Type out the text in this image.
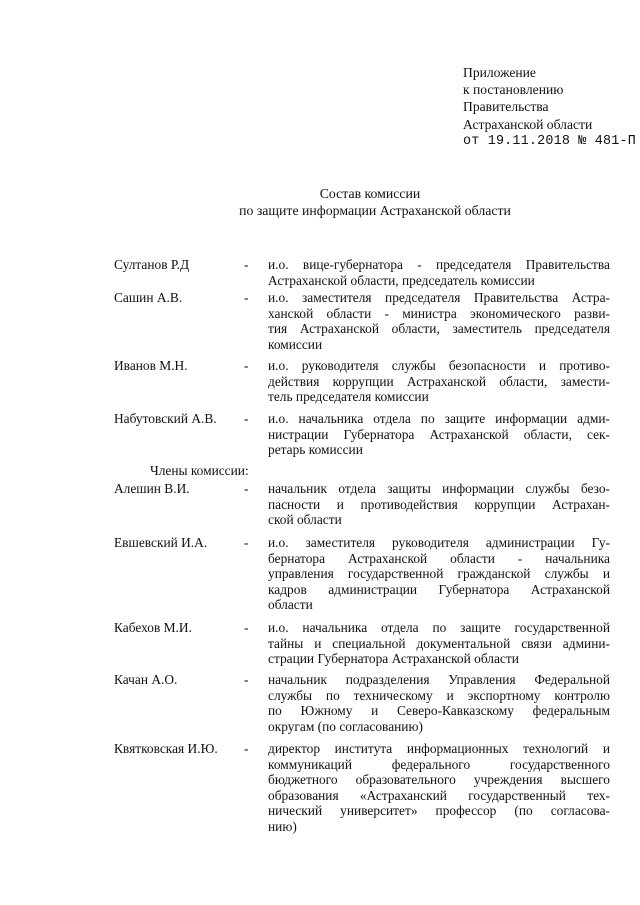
Приложение
к постановлению
Правительства
Астраханской области
от 19.11.2018 № 481-П
Состав комиссии
по защите информации Астраханской области
Султанов Р.Д	- и.о. вице-губернатора - председателя Правительства
Астраханской области, председатель комиссии
Сашин А.В.	- и.о. заместителя председателя Правительства Астра-
ханской области - министра экономического разви-
тия Астраханской области, заместитель председателя
комиссии
Иванов М.Н.	- и.о. руководителя службы безопасности и противо-
действия коррупции Астраханской области, замести-
тель председателя комиссии
Набутовский А.В. - и.о. начальника отдела по защите информации адми-
нистрации Губернатора Астраханской области, сек-
ретарь комиссии
Алешин В.И.	- начальник отдела защиты информации службы безо-
пасности и противодействия коррупции Астрахан-
ской области
Евшевский И.А.	- и.о. заместителя руководителя администрации Гу-
бернатора Астраханской области - начальника
управления государственной гражданской службы и
кадров администрации Губернатора Астраханской
области
Кабехов М.И.	- и.о. начальника отдела по защите государственной
тайны и специальной документальной связи админи-
страции Губернатора Астраханской области
Качан А.О.	- начальник подразделения Управления Федеральной
службы по техническому и экспортному контролю
по Южному и Северо-Кавказскому федеральным
округам (по согласованию)
Квятковская И.Ю. - директор института информационных технологий и
коммуникаций федерального государственного
бюджетного образовательного учреждения высшего
образования «Астраханский государственный тех-
нический университет» профессор (по согласова-
нию)
Члены комиссии:
